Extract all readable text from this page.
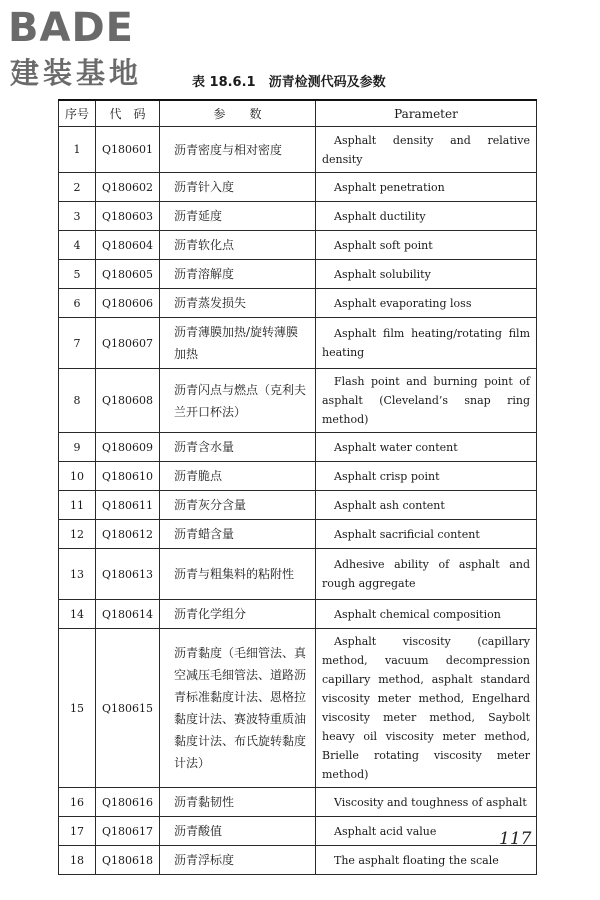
BADE
建装基地	表 18.6.1　沥青检测代码及参数
序号	代　码	参　　数	Parameter
1	Q180601	沥青密度与相对密度	Asphalt density and relative density
2	Q180602	沥青针入度	Asphalt penetration
3	Q180603	沥青延度	Asphalt ductility
4	Q180604	沥青软化点	Asphalt soft point
5	Q180605	沥青溶解度	Asphalt solubility
6	Q180606	沥青蒸发损失	Asphalt evaporating loss
7	Q180607	沥青薄膜加热/旋转薄膜加热	Asphalt film heating/rotating film heating
8	Q180608	沥青闪点与燃点（克利夫兰开口杯法）	Flash point and burning point of asphalt (Cleveland’s snap ring method)
9	Q180609	沥青含水量	Asphalt water content
10	Q180610	沥青脆点	Asphalt crisp point
11	Q180611	沥青灰分含量	Asphalt ash content
12	Q180612	沥青蜡含量	Asphalt sacrificial content
13	Q180613	沥青与粗集料的粘附性	Adhesive ability of asphalt and rough aggregate
14	Q180614	沥青化学组分	Asphalt chemical composition
15	Q180615	沥青黏度（毛细管法、真空减压毛细管法、道路沥青标准黏度计法、恩格拉黏度计法、赛波特重质油黏度计法、布氏旋转黏度计法）	Asphalt viscosity (capillary method, vacuum decompression capillary method, asphalt standard viscosity meter method, Engelhard viscosity meter method, Saybolt heavy oil viscosity meter method, Brielle rotating viscosity meter method)
16	Q180616	沥青黏韧性	Viscosity and toughness of asphalt
17	Q180617	沥青酸值	Asphalt acid value
18	Q180618	沥青浮标度	The asphalt floating the scale
117
